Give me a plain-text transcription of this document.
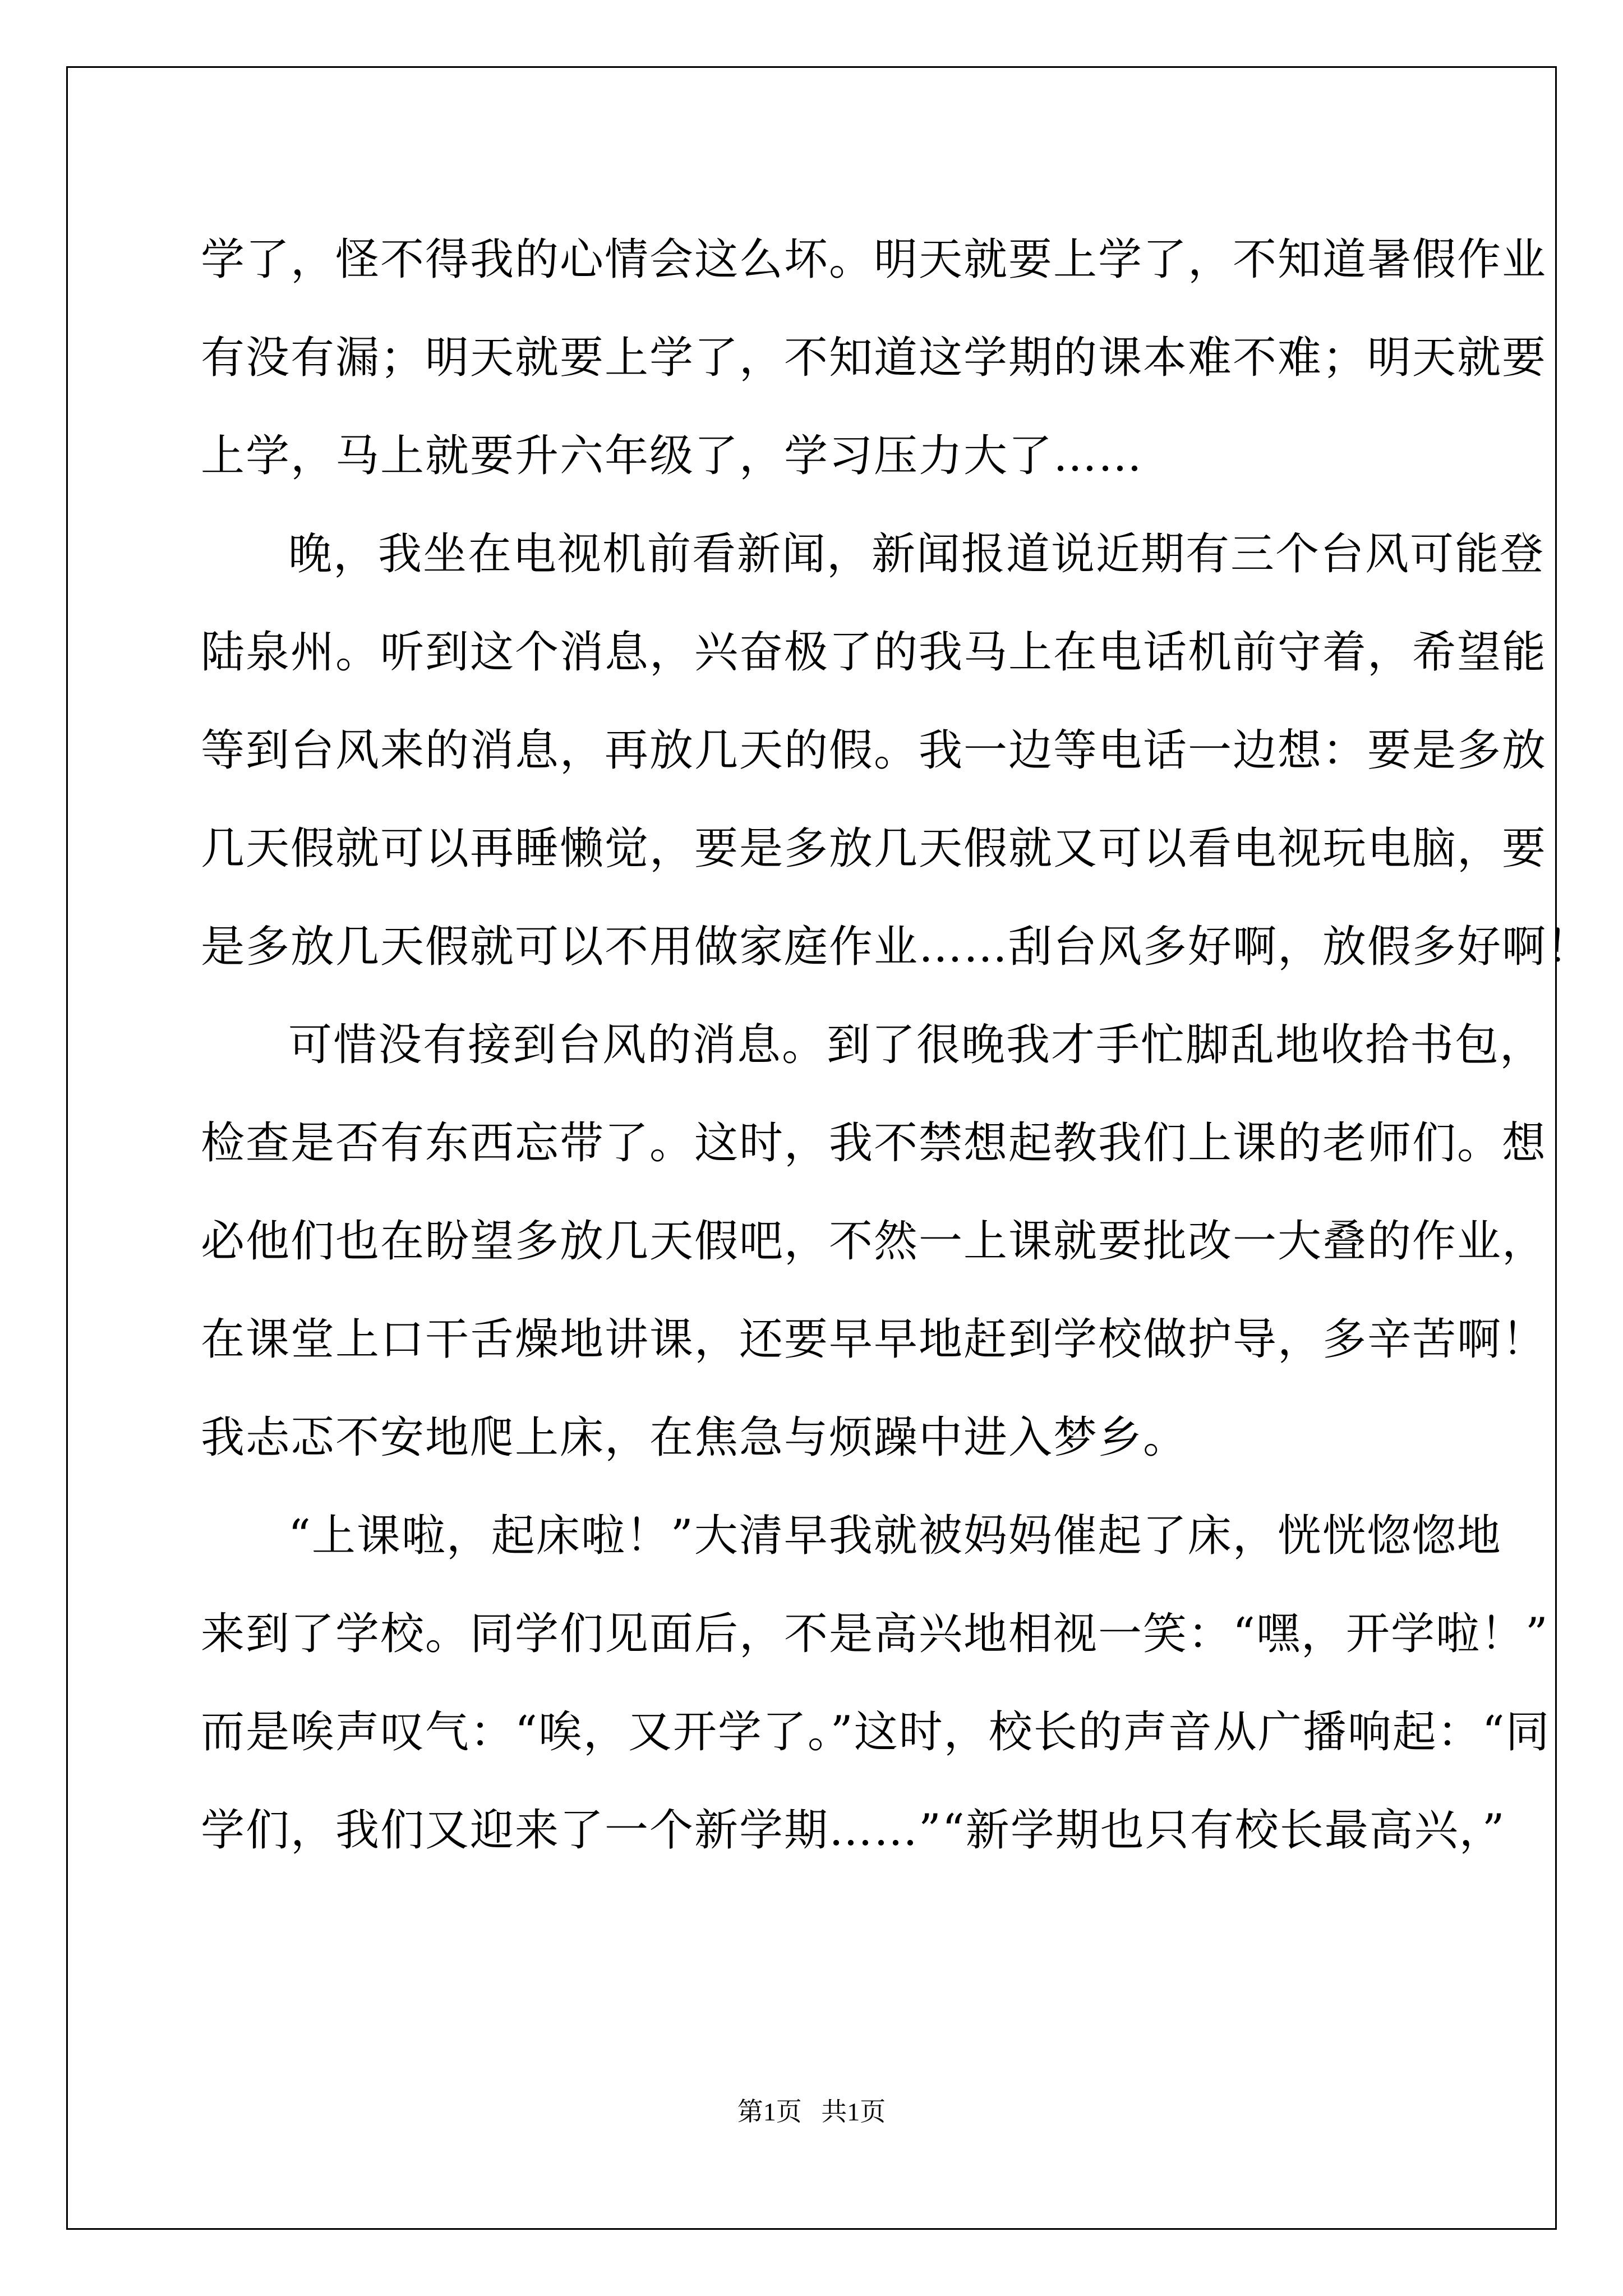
学了，怪不得我的心情会这么坏。明天就要上学了，不知道暑假作业
有没有漏；明天就要上学了，不知道这学期的课本难不难；明天就要
上学，马上就要升六年级了，学习压力大了……
晚，我坐在电视机前看新闻，新闻报道说近期有三个台风可能登
陆泉州。听到这个消息，兴奋极了的我马上在电话机前守着，希望能
等到台风来的消息，再放几天的假。我一边等电话一边想：要是多放
几天假就可以再睡懒觉，要是多放几天假就又可以看电视玩电脑，要
是多放几天假就可以不用做家庭作业……刮台风多好啊，放假多好啊！
可惜没有接到台风的消息。到了很晚我才手忙脚乱地收拾书包，
检查是否有东西忘带了。这时，我不禁想起教我们上课的老师们。想
必他们也在盼望多放几天假吧，不然一上课就要批改一大叠的作业，
在课堂上口干舌燥地讲课，还要早早地赶到学校做护导，多辛苦啊！
我忐忑不安地爬上床，在焦急与烦躁中进入梦乡。
“上课啦，起床啦！”大清早我就被妈妈催起了床，恍恍惚惚地
来到了学校。同学们见面后，不是高兴地相视一笑：“嘿，开学啦！”
而是唉声叹气：“唉，又开学了。”这时，校长的声音从广播响起：“同
学们，我们又迎来了一个新学期……”“新学期也只有校长最高兴，”
第1页   共1页
